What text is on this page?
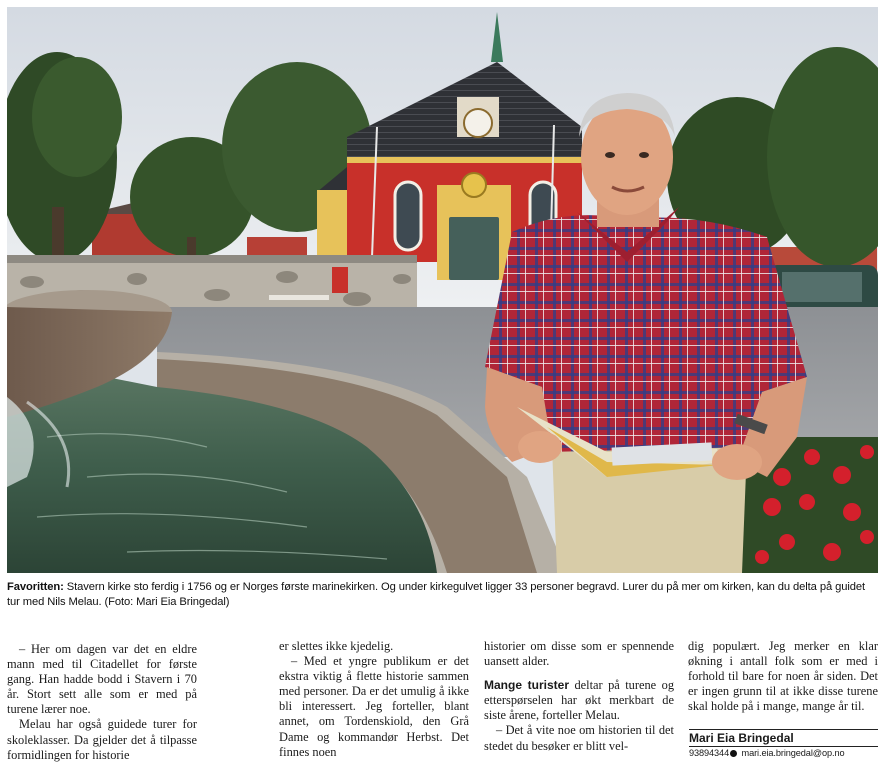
Favoritten: Stavern kirke sto ferdig i 1756 og er Norges første marinekirken. Og under kirkegulvet ligger 33 personer begravd. Lurer du på mer om kirken, kan du delta på guidet tur med Nils Melau. (Foto: Mari Eia Bringedal)

– Her om dagen var det en eldre mann med til Citadellet for første gang. Han hadde bodd i Stavern i 70 år. Stort sett alle som er med på turene lærer noe.

Melau har også guidede turer for skoleklasser. Da gjelder det å tilpasse formidlingen for historie

er slettes ikke kjedelig.

– Med et yngre publikum er det ekstra viktig å flette historie sammen med personer. Da er det umulig å ikke bli interessert. Jeg forteller, blant annet, om Tordenskiold, den Grå Dame og kommandør Herbst. Det finnes noen

historier om disse som er spennende uansett alder.

Mange turister deltar på turene og etterspørselen har økt merkbart de siste årene, forteller Melau.

– Det å vite noe om historien til det stedet du besøker er blitt vel-

dig populært. Jeg merker en klar økning i antall folk som er med i forhold til bare for noen år siden. Det er ingen grunn til at ikke disse turene skal holde på i mange, mange år til.

Mari Eia Bringedal
93894344 mari.eia.bringedal@op.no
